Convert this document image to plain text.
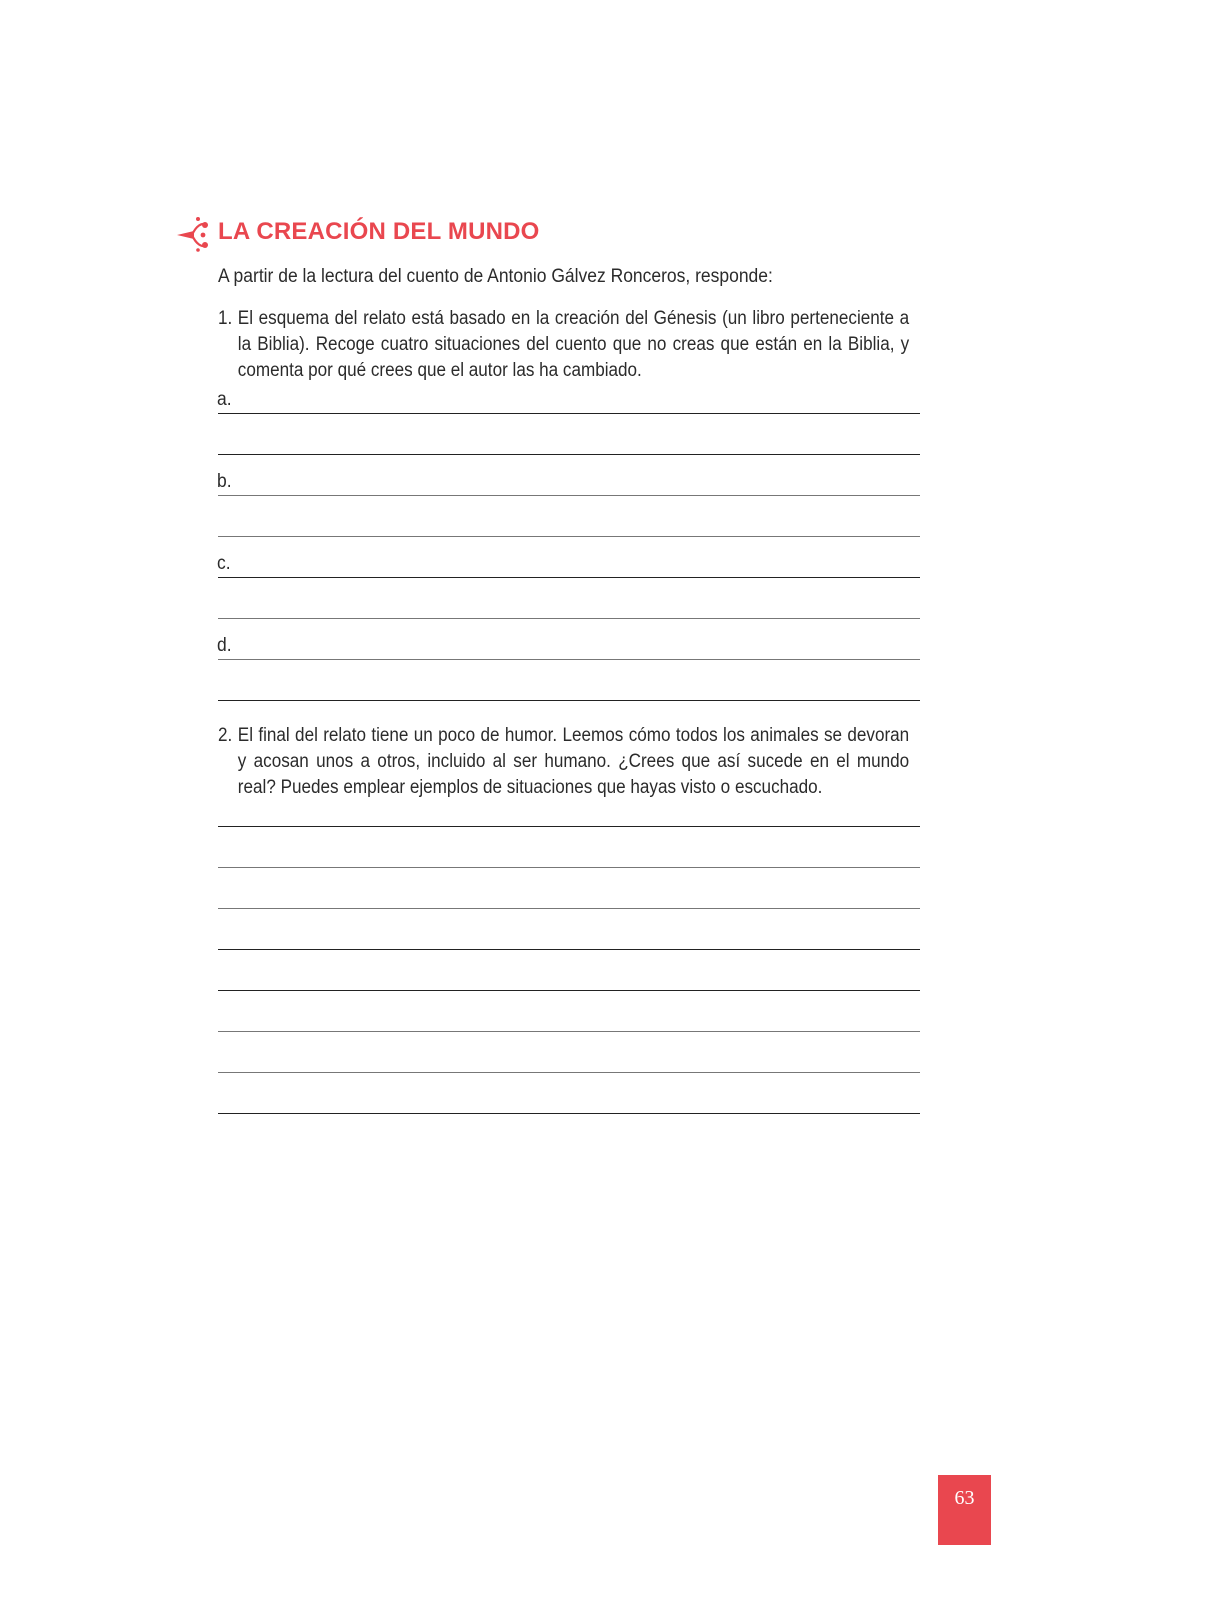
LA CREACIÓN DEL MUNDO
A partir de la lectura del cuento de Antonio Gálvez Ronceros, responde:
1. El esquema del relato está basado en la creación del Génesis (un libro perteneciente a la Biblia). Recoge cuatro situaciones del cuento que no creas que están en la Biblia, y comenta por qué crees que el autor las ha cambiado.
a.
b.
c.
d.
2. El final del relato tiene un poco de humor. Leemos cómo todos los animales se devoran y acosan unos a otros, incluido al ser humano. ¿Crees que así sucede en el mundo real? Puedes emplear ejemplos de situaciones que hayas visto o escuchado.
63
